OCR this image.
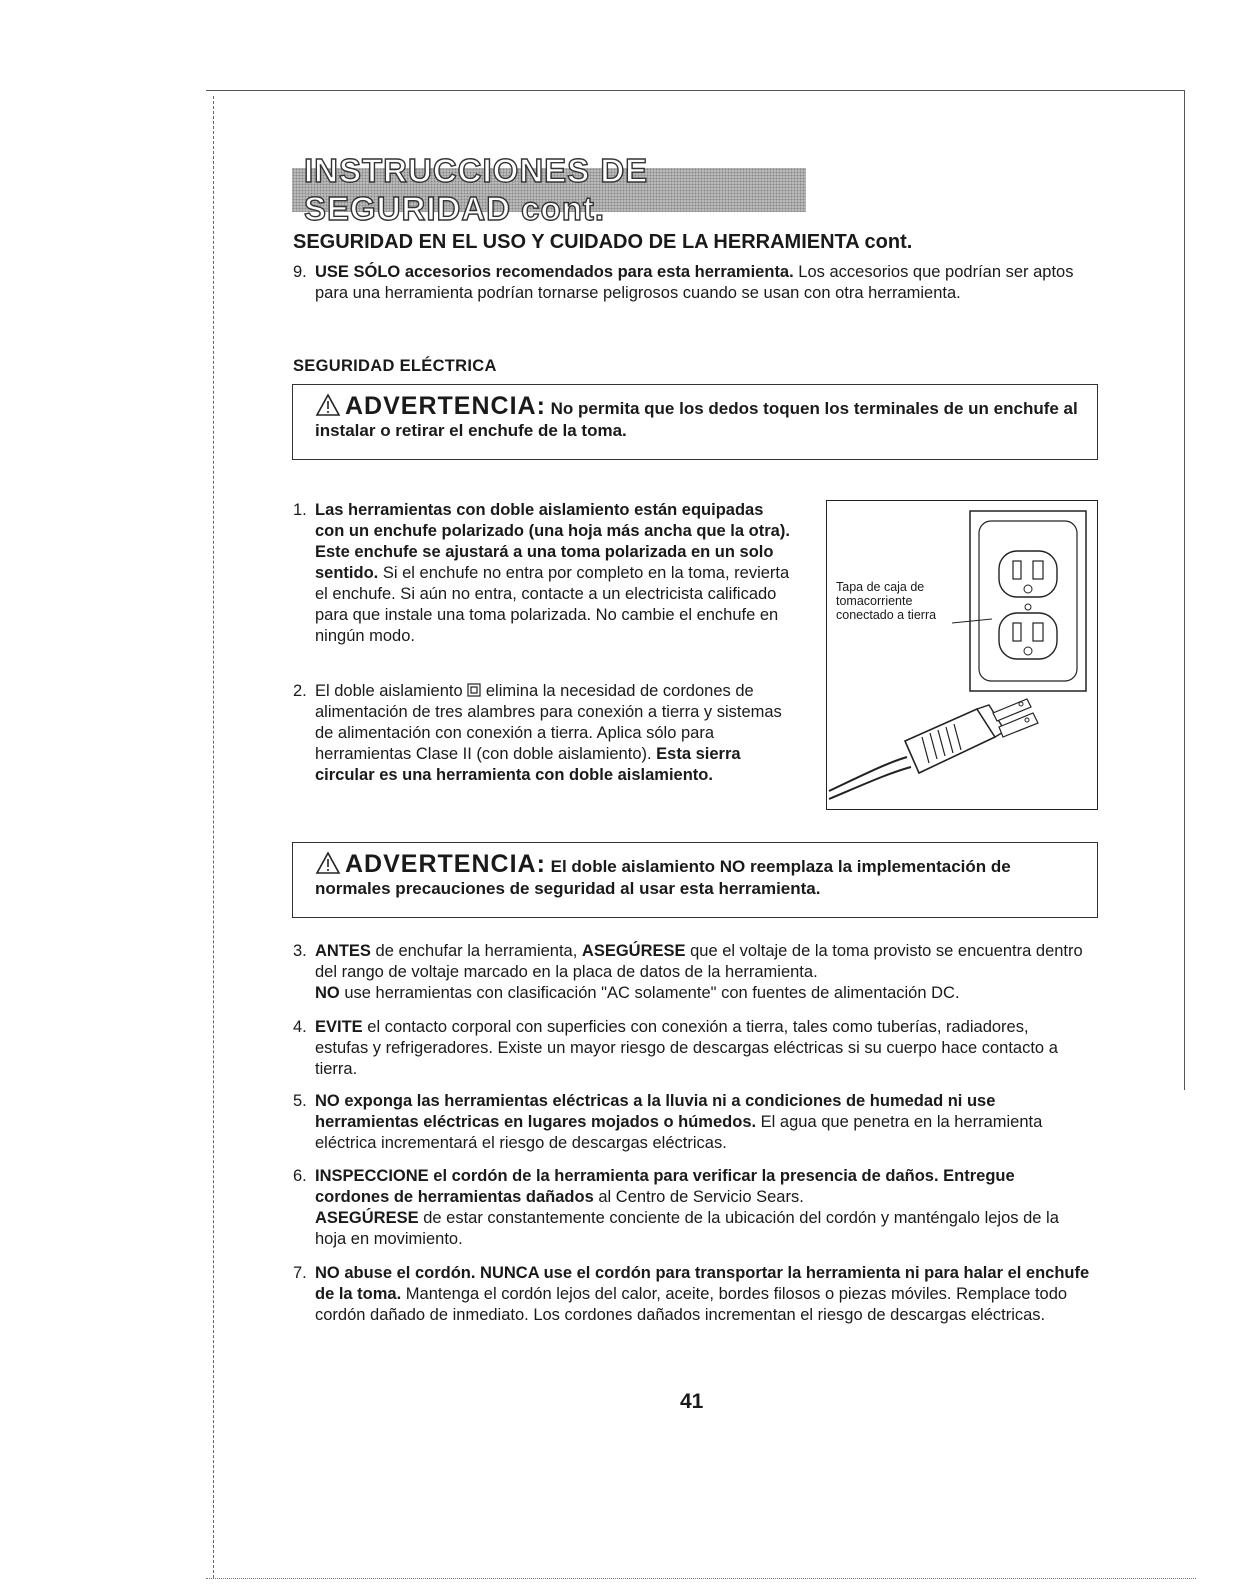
INSTRUCCIONES DE SEGURIDAD cont.
SEGURIDAD EN EL USO Y CUIDADO DE LA HERRAMIENTA cont.
9. USE SÓLO accesorios recomendados para esta herramienta. Los accesorios que podrían ser aptos para una herramienta podrían tornarse peligrosos cuando se usan con otra herramienta.
SEGURIDAD ELÉCTRICA
ADVERTENCIA: No permita que los dedos toquen los terminales de un enchufe al instalar o retirar el enchufe de la toma.
1. Las herramientas con doble aislamiento están equipadas con un enchufe polarizado (una hoja más ancha que la otra). Este enchufe se ajustará a una toma polarizada en un solo sentido. Si el enchufe no entra por completo en la toma, revierta el enchufe. Si aún no entra, contacte a un electricista calificado para que instale una toma polarizada. No cambie el enchufe en ningún modo.
2. El doble aislamiento elimina la necesidad de cordones de alimentación de tres alambres para conexión a tierra y sistemas de alimentación con conexión a tierra. Aplica sólo para herramientas Clase II (con doble aislamiento). Esta sierra circular es una herramienta con doble aislamiento.
Tapa de caja de tomacorriente conectado a tierra
ADVERTENCIA: El doble aislamiento NO reemplaza la implementación de normales precauciones de seguridad al usar esta herramienta.
3. ANTES de enchufar la herramienta, ASEGÚRESE que el voltaje de la toma provisto se encuentra dentro del rango de voltaje marcado en la placa de datos de la herramienta.
NO use herramientas con clasificación "AC solamente" con fuentes de alimentación DC.
4. EVITE el contacto corporal con superficies con conexión a tierra, tales como tuberías, radiadores, estufas y refrigeradores. Existe un mayor riesgo de descargas eléctricas si su cuerpo hace contacto a tierra.
5. NO exponga las herramientas eléctricas a la lluvia ni a condiciones de humedad ni use herramientas eléctricas en lugares mojados o húmedos. El agua que penetra en la herramienta eléctrica incrementará el riesgo de descargas eléctricas.
6. INSPECCIONE el cordón de la herramienta para verificar la presencia de daños. Entregue cordones de herramientas dañados al Centro de Servicio Sears.
ASEGÚRESE de estar constantemente conciente de la ubicación del cordón y manténgalo lejos de la hoja en movimiento.
7. NO abuse el cordón. NUNCA use el cordón para transportar la herramienta ni para halar el enchufe de la toma. Mantenga el cordón lejos del calor, aceite, bordes filosos o piezas móviles. Remplace todo cordón dañado de inmediato. Los cordones dañados incrementan el riesgo de descargas eléctricas.
41
